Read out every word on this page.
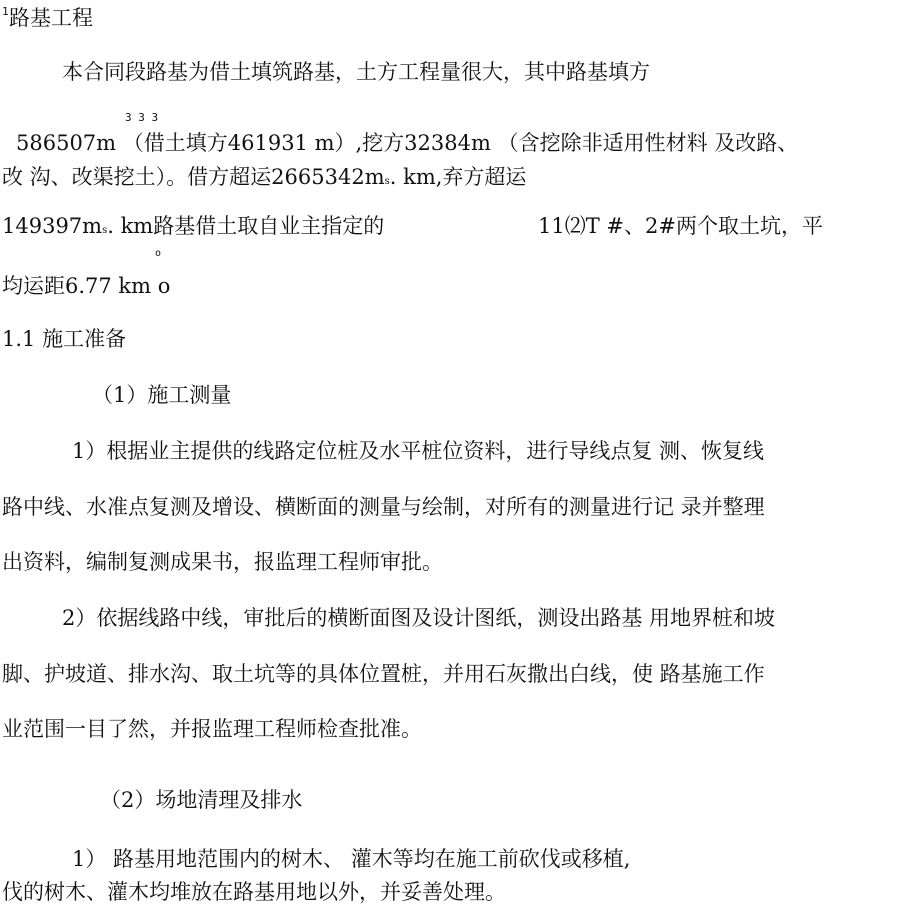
1 路基工程
本合同段路基为借土填筑路基，土方工程量很大，其中路基填方
3 3 3
586507m （借土填方461931 m）,挖方32384m （含挖除非适用性材料 及改路、
改 沟、改渠挖土）。借方超运2665342ms. km,弃方超运
149397ms. km路基借土取自业主指定的	11⑵T #、2#两个取土坑，平
o
均运距6.77 km o
1.1 施工准备
（1）施工测量
1）根据业主提供的线路定位桩及水平桩位资料，进行导线点复 测、恢复线
路中线、水准点复测及增设、横断面的测量与绘制，对所有的测量进行记 录并整理
出资料，编制复测成果书，报监理工程师审批。
2）依据线路中线，审批后的横断面图及设计图纸，测设出路基 用地界桩和坡
脚、护坡道、排水沟、取土坑等的具体位置桩，并用石灰撒出白线，使 路基施工作
业范围一目了然，并报监理工程师检查批准。
（2）场地清理及排水
1） 路基用地范围内的树木、 灌木等均在施工前砍伐或移植,
伐的树木、灌木均堆放在路基用地以外，并妥善处理。
